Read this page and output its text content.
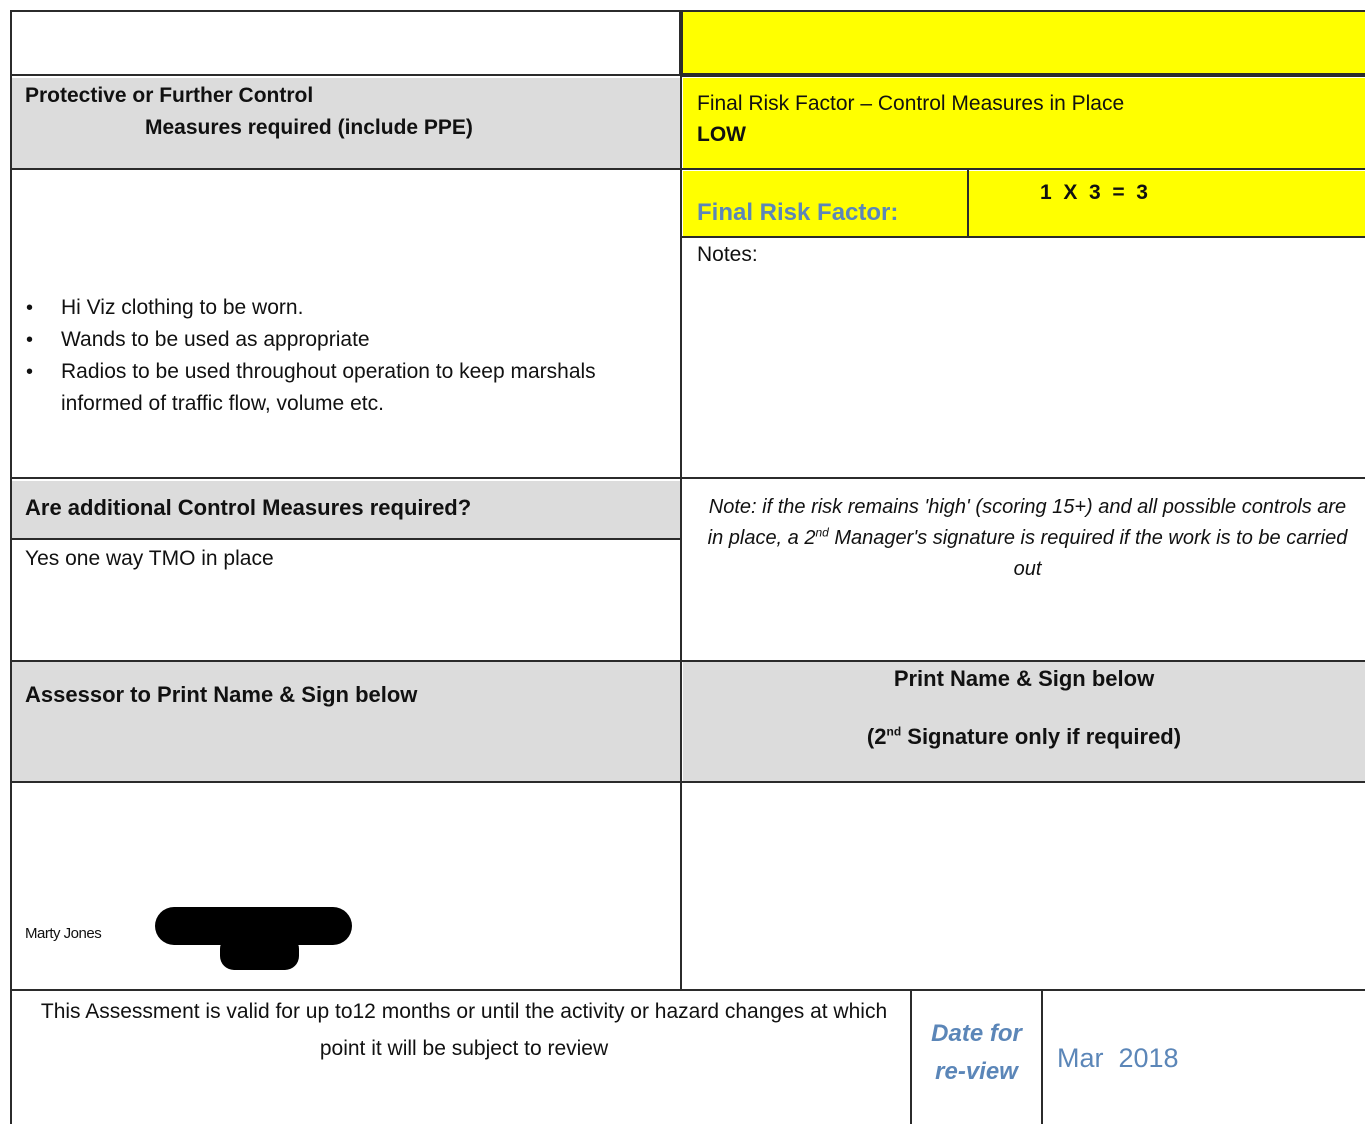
Protective or Further Control
Measures required (include PPE)
Final Risk Factor – Control Measures in Place
LOW
Final Risk Factor:
1  X  3  =  3
• Hi Viz clothing to be worn.
• Wands to be used as appropriate
• Radios to be used throughout operation to keep marshals informed of traffic flow, volume etc.
Notes:
Are additional Control Measures required?
Yes one way TMO in place
Note: if the risk remains 'high' (scoring 15+) and all possible controls are in place, a 2nd Manager's signature is required if the work is to be carried out
Assessor to Print Name & Sign below
Print Name & Sign below
(2nd Signature only if required)
Marty Jones
This Assessment is valid for up to12 months or until the activity or hazard changes at which point it will be subject to review
Date for re-view	Mar  2018
